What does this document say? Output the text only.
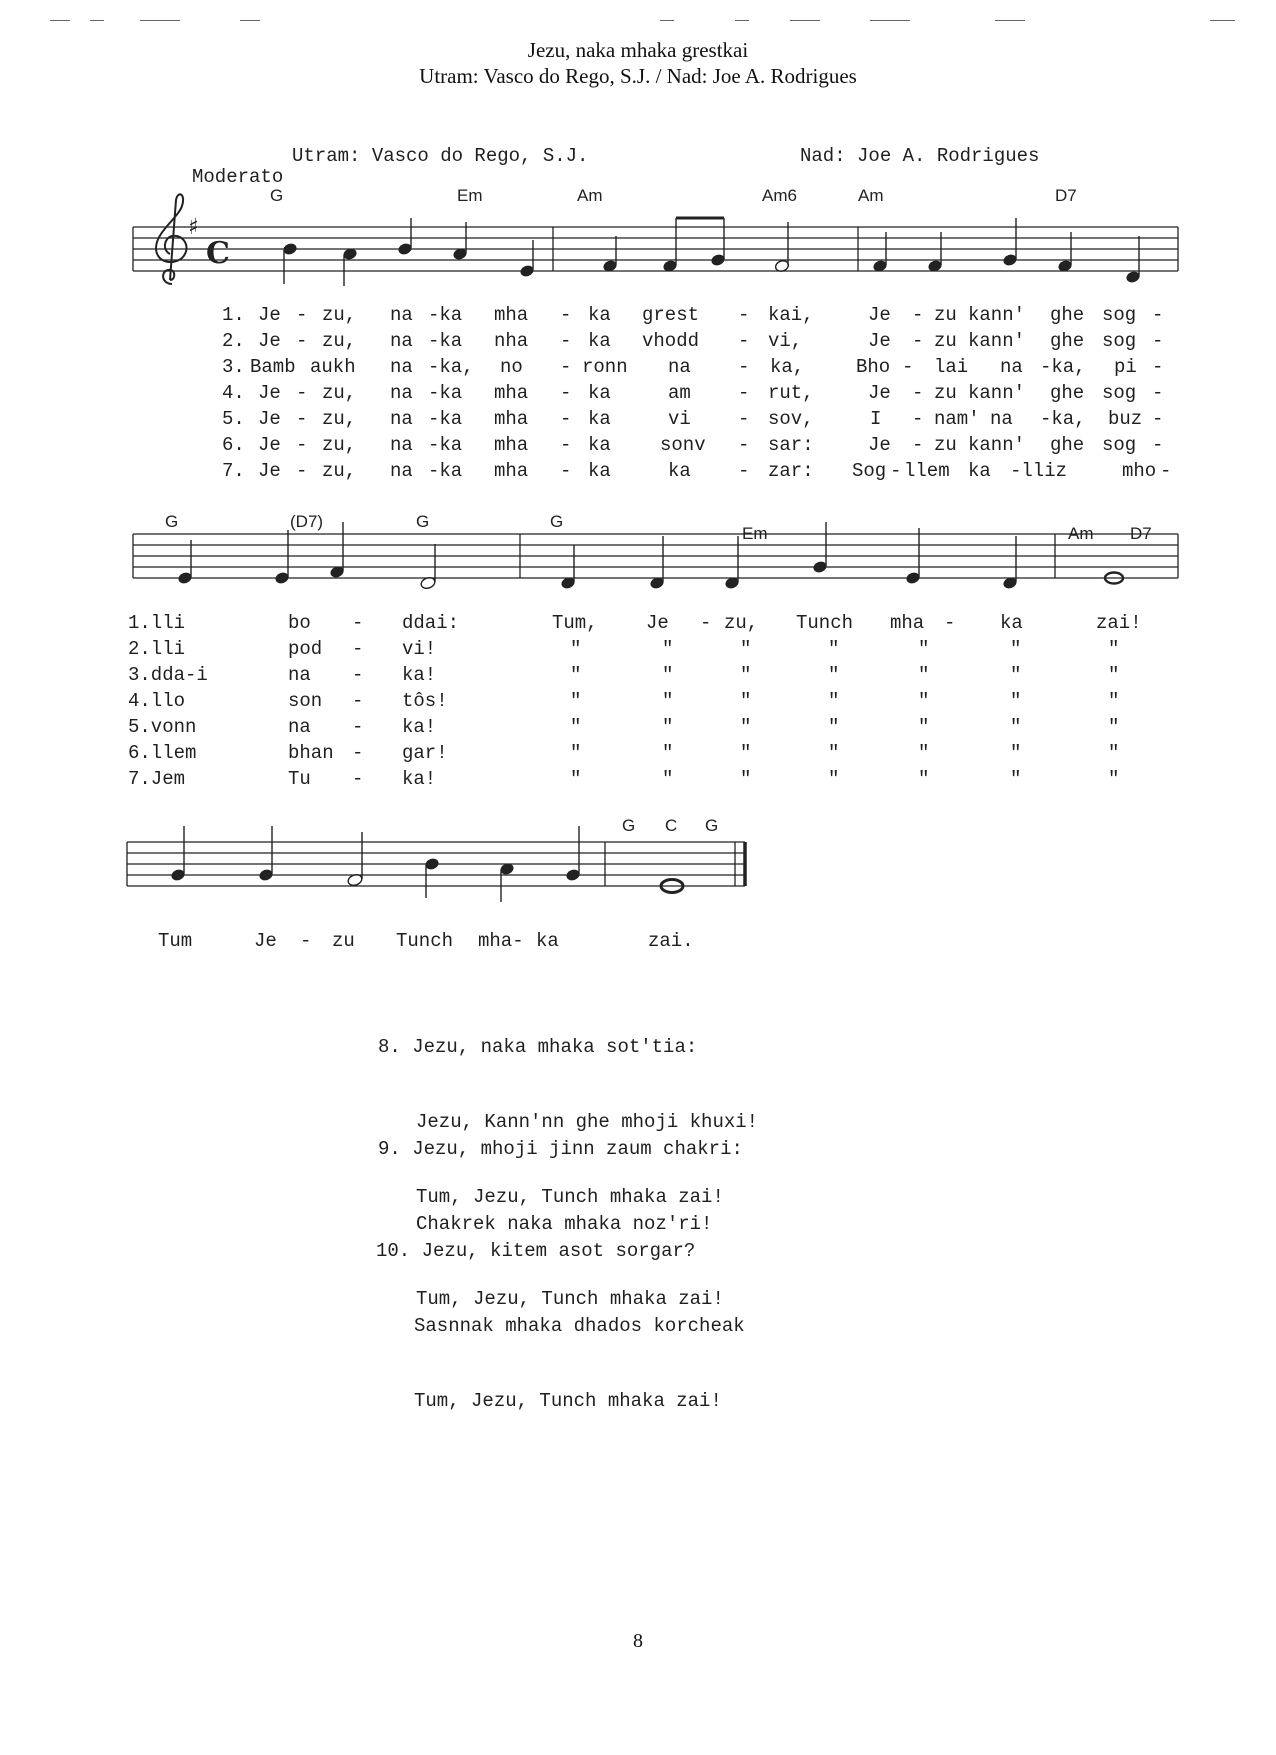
Jezu, naka mhaka grestkai
Utram: Vasco do Rego, S.J. / Nad: Joe A. Rodrigues
Utram: Vasco do Rego, S.J.	Nad: Joe A. Rodrigues
Moderato
♯
C
G	Em	Am	Am6	Am	D7
1. Je - zu, na -ka mha - ka grest - kai,	Je - zu kann' ghe sog -
2. Je - zu, na -ka nha - ka vhodd - vi,	Je - zu kann' ghe sog -
3. Bamb aukh na -ka, no - ronn na - ka,	Bho - lai na -ka, pi -
4. Je - zu, na -ka mha - ka	am - rut,	Je - zu kann' ghe sog -
5. Je - zu, na -ka mha - ka	vi - sov,	I - nam' na -ka, buz -
6. Je - zu, na -ka mha - ka	sonv - sar:	Je - zu kann' ghe sog -
7. Je - zu, na -ka mha - ka	ka - zar: Sog - llem ka -lliz	mho -
G	(D7)	G	G
Em	Am D7
1.lli	bo - ddai:	Tum,	Je - zu, Tunch mha - ka	zai!
2.lli	pod - vi!	"	"	"	"	"	"	"
3.dda-i	na - ka!	"	"	"	"	"	"	"
4.llo	son - tôs!	"	"	"	"	"	"	"
5.vonn	na - ka!	"	"	"	"	"	"	"
6.llem	bhan - gar!	"	"	"	"	"	"	"
7.Jem	Tu - ka!	"	"	"	"	"	"	"
G C G
Tum	Je - zu Tunch mha- ka	zai.

8. Jezu, naka mhaka sot'tia:

Jezu, Kann'nn ghe mhoji khuxi!

Tum, Jezu, Tunch mhaka zai!

9. Jezu, mhoji jinn zaum chakri:

Chakrek naka mhaka noz'ri!

Tum, Jezu, Tunch mhaka zai!

10. Jezu, kitem asot sorgar?

Sasnnak mhaka dhados korcheak

Tum, Jezu, Tunch mhaka zai!

8
